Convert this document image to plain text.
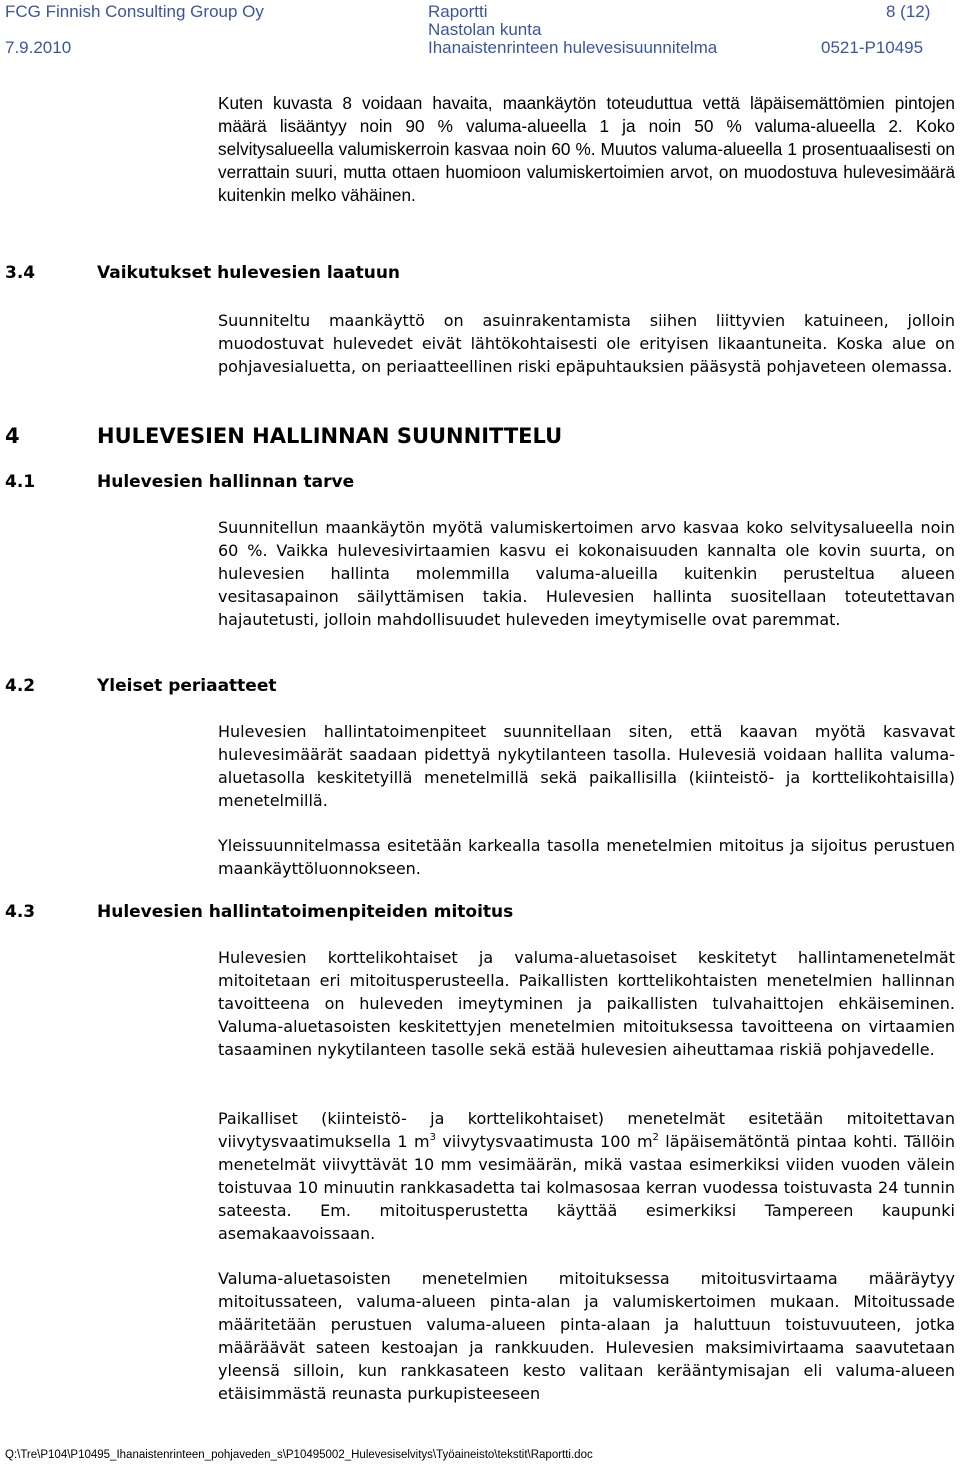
FCG Finnish Consulting Group Oy
7.9.2010
Raportti
Nastolan kunta
Ihanaistenrinteen hulevesisuunnitelma
8 (12)
0521-P10495

Kuten kuvasta 8 voidaan havaita, maankäytön toteuduttua vettä läpäisemättömien pintojen määrä lisääntyy noin 90 % valuma-alueella 1 ja noin 50 % valuma-alueella 2. Koko selvitysalueella valumiskerroin kasvaa noin 60 %. Muutos valuma-alueella 1 prosentuaalisesti on verrattain suuri, mutta ottaen huomioon valumiskertoimien arvot, on muodostuva hulevesimäärä kuitenkin melko vähäinen.

3.4	Vaikutukset hulevesien laatuun

Suunniteltu maankäyttö on asuinrakentamista siihen liittyvien katuineen, jolloin muodostuvat hulevedet eivät lähtökohtaisesti ole erityisen likaantuneita. Koska alue on pohjavesialuetta, on periaatteellinen riski epäpuhtauksien pääsystä pohjaveteen olemassa.

4	HULEVESIEN HALLINNAN SUUNNITTELU
4.1	Hulevesien hallinnan tarve

Suunnitellun maankäytön myötä valumiskertoimen arvo kasvaa koko selvitysalueella noin 60 %. Vaikka hulevesivirtaamien kasvu ei kokonaisuuden kannalta ole kovin suurta, on hulevesien hallinta molemmilla valuma-alueilla kuitenkin perusteltua alueen vesitasapainon säilyttämisen takia. Hulevesien hallinta suositellaan toteutettavan hajautetusti, jolloin mahdollisuudet huleveden imeytymiselle ovat paremmat.

4.2	Yleiset periaatteet

Hulevesien hallintatoimenpiteet suunnitellaan siten, että kaavan myötä kasvavat hulevesimäärät saadaan pidettyä nykytilanteen tasolla. Hulevesiä voidaan hallita valuma-aluetasolla keskitetyillä menetelmillä sekä paikallisilla (kiinteistö- ja korttelikohtaisilla) menetelmillä.

Yleissuunnitelmassa esitetään karkealla tasolla menetelmien mitoitus ja sijoitus perustuen maankäyttöluonnokseen.

4.3	Hulevesien hallintatoimenpiteiden mitoitus

Hulevesien korttelikohtaiset ja valuma-aluetasoiset keskitetyt hallintamenetelmät mitoitetaan eri mitoitusperusteella. Paikallisten korttelikohtaisten menetelmien hallinnan tavoitteena on huleveden imeytyminen ja paikallisten tulvahaittojen ehkäiseminen. Valuma-aluetasoisten keskitettyjen menetelmien mitoituksessa tavoitteena on virtaamien tasaaminen nykytilanteen tasolle sekä estää hulevesien aiheuttamaa riskiä pohjavedelle.

Paikalliset (kiinteistö- ja korttelikohtaiset) menetelmät esitetään mitoitettavan viivytysvaatimuksella 1 $m^3$ viivytysvaatimusta 100 $m^2$ läpäisemätöntä pintaa kohti. Tällöin menetelmät viivyttävät 10 mm vesimäärän, mikä vastaa esimerkiksi viiden vuoden välein toistuvaa 10 minuutin rankkasadetta tai kolmasosaa kerran vuodessa toistuvasta 24 tunnin sateesta. Em. mitoitusperustetta käyttää esimerkiksi Tampereen kaupunki asemakaavoissaan.

Valuma-aluetasoisten menetelmien mitoituksessa mitoitusvirtaama määräytyy mitoitussateen, valuma-alueen pinta-alan ja valumiskertoimen mukaan. Mitoitussade määritetään perustuen valuma-alueen pinta-alaan ja haluttuun toistuvuuteen, jotka määräävät sateen kestoajan ja rankkuuden. Hulevesien maksimivirtaama saavutetaan yleensä silloin, kun rankkasateen kesto valitaan kerääntymisajan eli valuma-alueen etäisimmästä reunasta purkupisteeseen

Q:\Tre\P104\P10495_Ihanaistenrinteen_pohjaveden_s\P10495002_Hulevesiselvitys\Työaineisto\tekstit\Raportti.doc
